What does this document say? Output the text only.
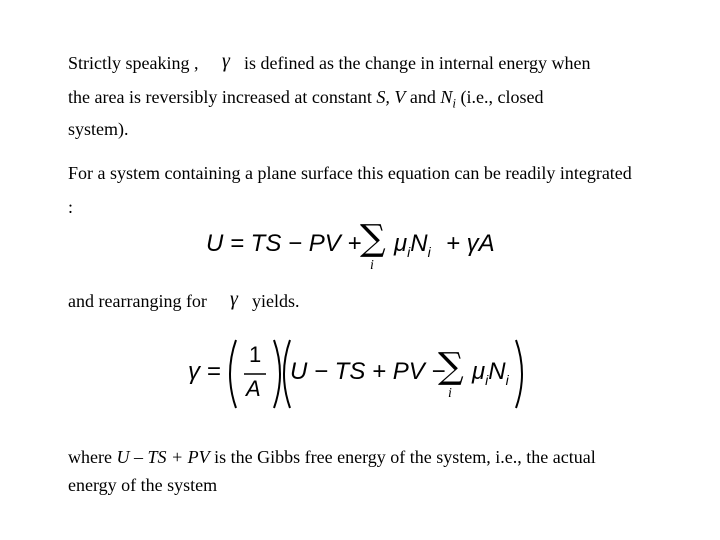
Strictly speaking , γ is defined as the change in internal energy when
the area is reversibly increased at constant S, V and $N_i$ (i.e., closed
system).
For a system containing a plane surface this equation can be readily integrated
:
U = TS − PV +
∑
i
$\mu_iN_i + \gamma A$
and rearranging for γ yields.
γ =
1
A
U − TS + PV −
∑
i
$\mu_iN_i$
where U – TS + PV is the Gibbs free energy of the system, i.e., the actual
energy of the system
